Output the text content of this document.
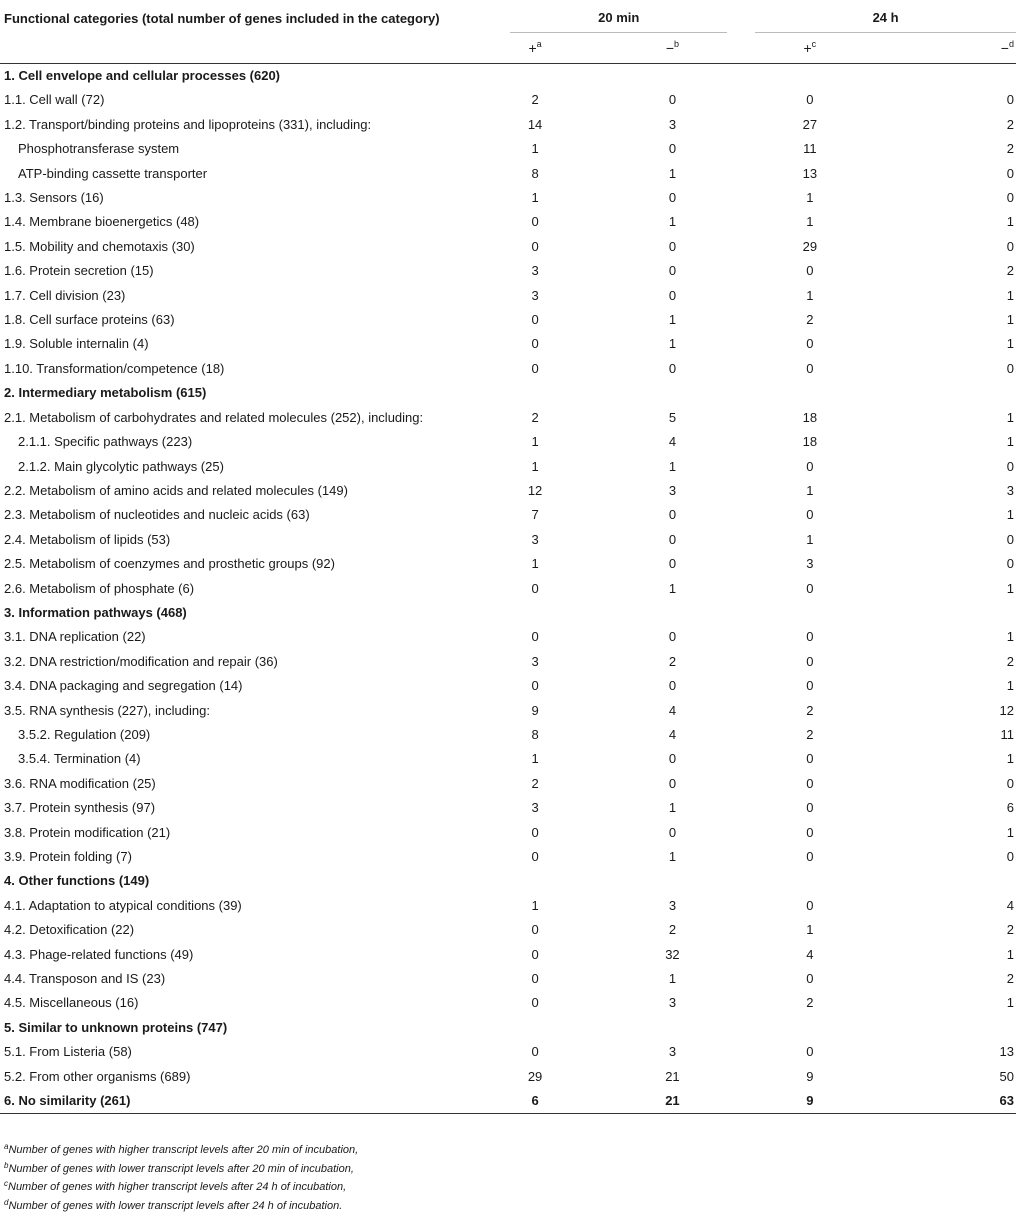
Functional categories (total number of genes included in the category)	20 min		24 h	

	+$^a$	−$^b$	+$^c$	−$^d$
1. Cell envelope and cellular processes (620)				
1.1. Cell wall (72)	2	0	0	0
1.2. Transport/binding proteins and lipoproteins (331), including:	14	3	27	2
Phosphotransferase system	1	0	11	2
ATP-binding cassette transporter	8	1	13	0
1.3. Sensors (16)	1	0	1	0
1.4. Membrane bioenergetics (48)	0	1	1	1
1.5. Mobility and chemotaxis (30)	0	0	29	0
1.6. Protein secretion (15)	3	0	0	2
1.7. Cell division (23)	3	0	1	1
1.8. Cell surface proteins (63)	0	1	2	1
1.9. Soluble internalin (4)	0	1	0	1
1.10. Transformation/competence (18)	0	0	0	0
2. Intermediary metabolism (615)				
2.1. Metabolism of carbohydrates and related molecules (252), including:	2	5	18	1
2.1.1. Specific pathways (223)	1	4	18	1
2.1.2. Main glycolytic pathways (25)	1	1	0	0
2.2. Metabolism of amino acids and related molecules (149)	12	3	1	3
2.3. Metabolism of nucleotides and nucleic acids (63)	7	0	0	1
2.4. Metabolism of lipids (53)	3	0	1	0
2.5. Metabolism of coenzymes and prosthetic groups (92)	1	0	3	0
2.6. Metabolism of phosphate (6)	0	1	0	1
3. Information pathways (468)				
3.1. DNA replication (22)	0	0	0	1
3.2. DNA restriction/modification and repair (36)	3	2	0	2
3.4. DNA packaging and segregation (14)	0	0	0	1
3.5. RNA synthesis (227), including:	9	4	2	12
3.5.2. Regulation (209)	8	4	2	11
3.5.4. Termination (4)	1	0	0	1
3.6. RNA modification (25)	2	0	0	0
3.7. Protein synthesis (97)	3	1	0	6
3.8. Protein modification (21)	0	0	0	1
3.9. Protein folding (7)	0	1	0	0
4. Other functions (149)				
4.1. Adaptation to atypical conditions (39)	1	3	0	4
4.2. Detoxification (22)	0	2	1	2
4.3. Phage-related functions (49)	0	32	4	1
4.4. Transposon and IS (23)	0	1	0	2
4.5. Miscellaneous (16)	0	3	2	1
5. Similar to unknown proteins (747)				
5.1. From Listeria (58)	0	3	0	13
5.2. From other organisms (689)	29	21	9	50
6. No similarity (261)	6	21	9	63
$^a$Number of genes with higher transcript levels after 20 min of incubation,
$^b$Number of genes with lower transcript levels after 20 min of incubation,
$^c$Number of genes with higher transcript levels after 24 h of incubation,
$^d$Number of genes with lower transcript levels after 24 h of incubation.
